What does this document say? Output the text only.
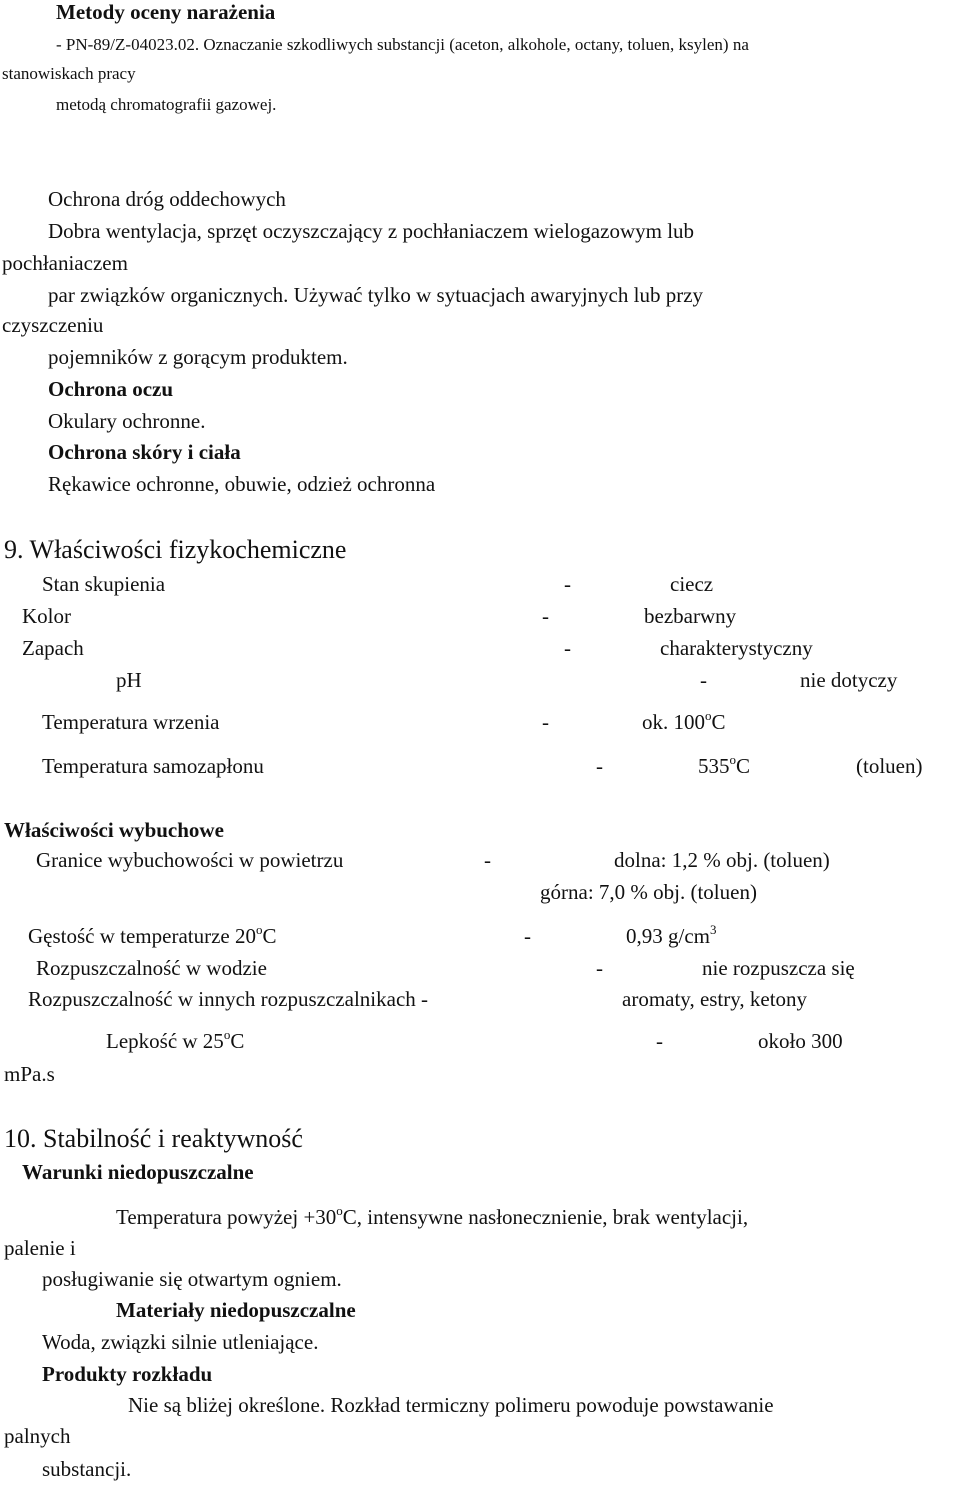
Metody oceny narażenia
- PN-89/Z-04023.02. Oznaczanie szkodliwych substancji (aceton, alkohole, octany, toluen, ksylen) na
stanowiskach pracy
metodą chromatografii gazowej.
Ochrona dróg oddechowych
Dobra wentylacja, sprzęt oczyszczający z pochłaniaczem wielogazowym lub
pochłaniaczem
par związków organicznych. Używać tylko w sytuacjach awaryjnych lub przy
czyszczeniu
pojemników z gorącym produktem.
Ochrona oczu
Okulary ochronne.
Ochrona skóry i ciała
Rękawice ochronne, obuwie, odzież ochronna
9. Właściwości fizykochemiczne
Stan skupienia	-	ciecz
Kolor	-	bezbarwny
Zapach	-	charakterystyczny
pH	-	nie dotyczy
Temperatura wrzenia	-	ok. 100$^o$C
Temperatura samozapłonu	-	535$^o$C	(toluen)
Właściwości wybuchowe
Granice wybuchowości w powietrzu	-	dolna: 1,2 % obj. (toluen)
górna: 7,0 % obj. (toluen)
Gęstość w temperaturze 20$^o$C	-	0,93 $g/cm^3$
Rozpuszczalność w wodzie	-	nie rozpuszcza się
Rozpuszczalność w innych rozpuszczalnikach -	aromaty, estry, ketony
Lepkość w 25$^o$C	-	około 300
mPa.s
10. Stabilność i reaktywność
Warunki niedopuszczalne
Temperatura powyżej $+30^oC$, intensywne nasłonecznienie, brak wentylacji,
palenie i
posługiwanie się otwartym ogniem.
Materiały niedopuszczalne
Woda, związki silnie utleniające.
Produkty rozkładu
Nie są bliżej określone. Rozkład termiczny polimeru powoduje powstawanie
palnych
substancji.
